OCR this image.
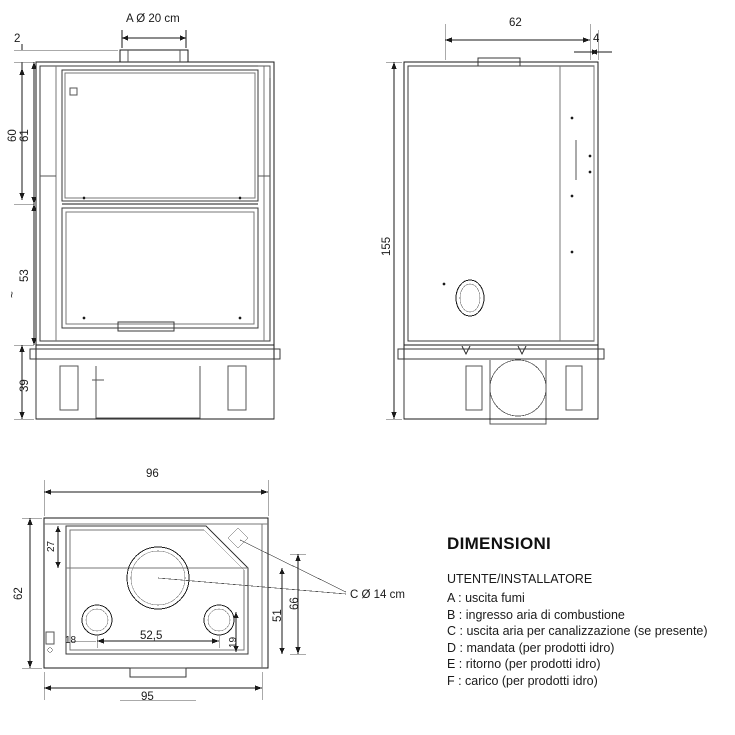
A Ø 20 cm
2
61
60
53
~
39
62
4
155
96
62
27
66
51
52,5
18	19
95
C Ø 14 cm
DIMENSIONI

UTENTE/INSTALLATORE

A : uscita fumi
B : ingresso aria di combustione
C : uscita aria per canalizzazione (se presente)
D : mandata (per prodotti idro)
E : ritorno (per prodotti idro)
F : carico (per prodotti idro)
